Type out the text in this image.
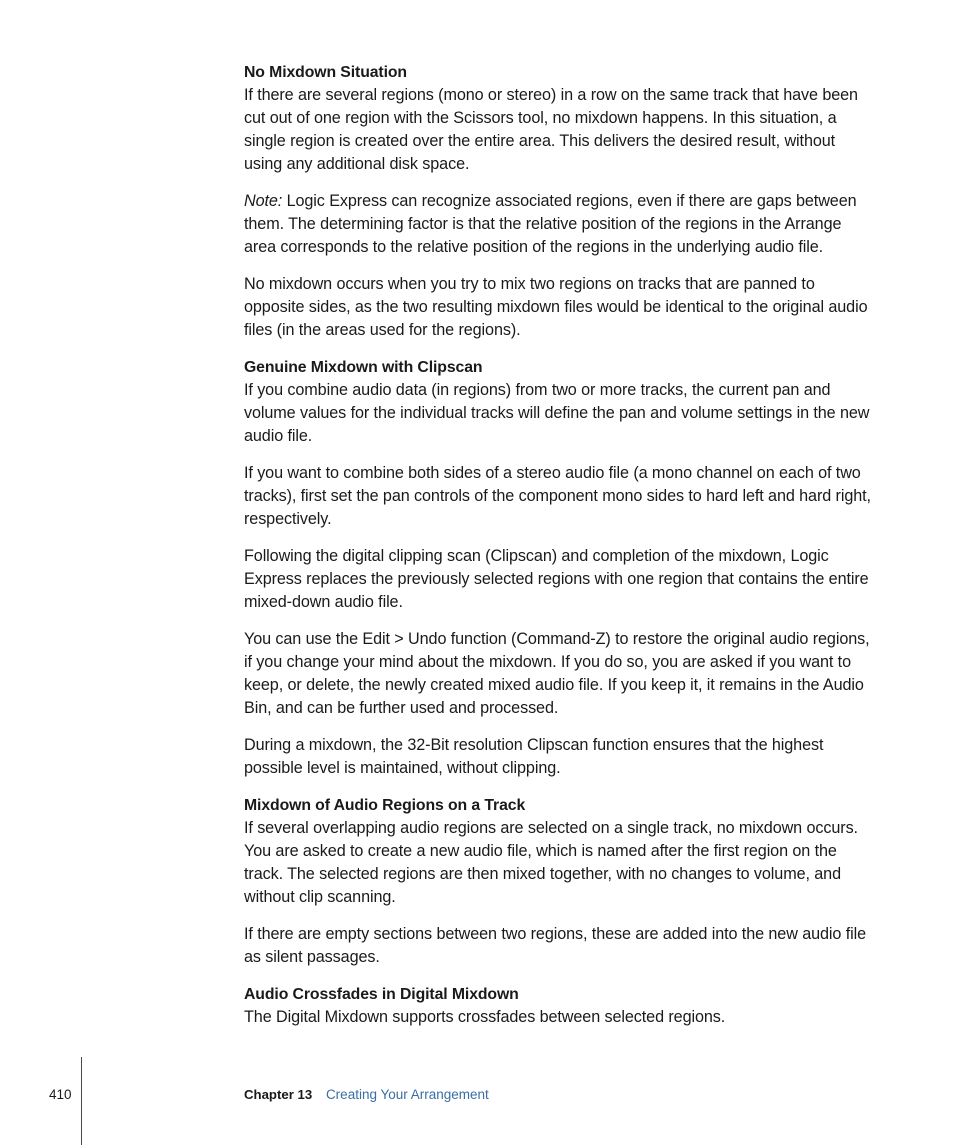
No Mixdown Situation

If there are several regions (mono or stereo) in a row on the same track that have been cut out of one region with the Scissors tool, no mixdown happens. In this situation, a single region is created over the entire area. This delivers the desired result, without using any additional disk space.

Note: Logic Express can recognize associated regions, even if there are gaps between them. The determining factor is that the relative position of the regions in the Arrange area corresponds to the relative position of the regions in the underlying audio file.

No mixdown occurs when you try to mix two regions on tracks that are panned to opposite sides, as the two resulting mixdown files would be identical to the original audio files (in the areas used for the regions).

Genuine Mixdown with Clipscan

If you combine audio data (in regions) from two or more tracks, the current pan and volume values for the individual tracks will define the pan and volume settings in the new audio file.

If you want to combine both sides of a stereo audio file (a mono channel on each of two tracks), first set the pan controls of the component mono sides to hard left and hard right, respectively.

Following the digital clipping scan (Clipscan) and completion of the mixdown, Logic Express replaces the previously selected regions with one region that contains the entire mixed-down audio file.

You can use the Edit > Undo function (Command-Z) to restore the original audio regions, if you change your mind about the mixdown. If you do so, you are asked if you want to keep, or delete, the newly created mixed audio file. If you keep it, it remains in the Audio Bin, and can be further used and processed.

During a mixdown, the 32-Bit resolution Clipscan function ensures that the highest possible level is maintained, without clipping.

Mixdown of Audio Regions on a Track

If several overlapping audio regions are selected on a single track, no mixdown occurs. You are asked to create a new audio file, which is named after the first region on the track. The selected regions are then mixed together, with no changes to volume, and without clip scanning.

If there are empty sections between two regions, these are added into the new audio file as silent passages.

Audio Crossfades in Digital Mixdown

The Digital Mixdown supports crossfades between selected regions.

410	Chapter 13 Creating Your Arrangement
